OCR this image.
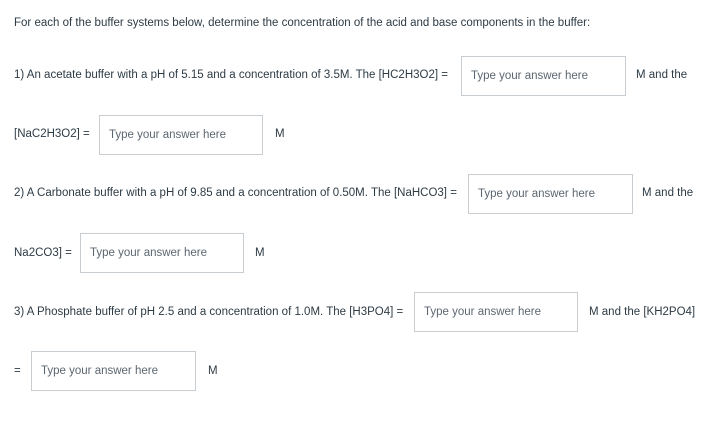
For each of the buffer systems below, determine the concentration of the acid and base components in the buffer:
1) An acetate buffer with a pH of 5.15 and a concentration of 3.5M. The [HC2H3O2] =
Type your answer here	M and the
[NaC2H3O2] =
Type your answer here	M
2) A Carbonate buffer with a pH of 9.85 and a concentration of 0.50M. The [NaHCO3] =
Type your answer here	M and the
Na2CO3] =
Type your answer here	M
3) A Phosphate buffer of pH 2.5 and a concentration of 1.0M. The [H3PO4] =
Type your answer here	M and the [KH2PO4]
=
Type your answer here	M
